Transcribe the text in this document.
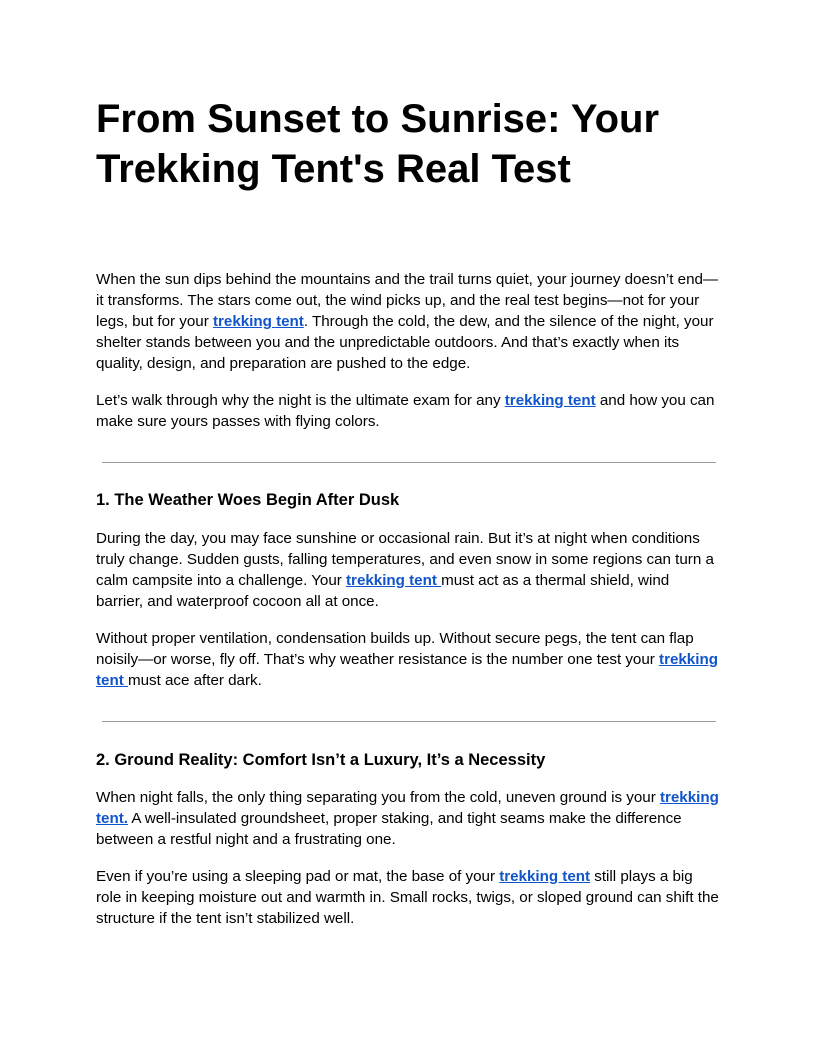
From Sunset to Sunrise: Your Trekking Tent's Real Test

When the sun dips behind the mountains and the trail turns quiet, your journey doesn’t end—it transforms. The stars come out, the wind picks up, and the real test begins—not for your legs, but for your trekking tent. Through the cold, the dew, and the silence of the night, your shelter stands between you and the unpredictable outdoors. And that’s exactly when its quality, design, and preparation are pushed to the edge.

Let’s walk through why the night is the ultimate exam for any trekking tent and how you can make sure yours passes with flying colors.

1. The Weather Woes Begin After Dusk

During the day, you may face sunshine or occasional rain. But it’s at night when conditions truly change. Sudden gusts, falling temperatures, and even snow in some regions can turn a calm campsite into a challenge. Your trekking tent must act as a thermal shield, wind barrier, and waterproof cocoon all at once.

Without proper ventilation, condensation builds up. Without secure pegs, the tent can flap noisily—or worse, fly off. That’s why weather resistance is the number one test your trekking tent must ace after dark.

2. Ground Reality: Comfort Isn’t a Luxury, It’s a Necessity

When night falls, the only thing separating you from the cold, uneven ground is your trekking tent. A well-insulated groundsheet, proper staking, and tight seams make the difference between a restful night and a frustrating one.

Even if you’re using a sleeping pad or mat, the base of your trekking tent still plays a big role in keeping moisture out and warmth in. Small rocks, twigs, or sloped ground can shift the structure if the tent isn’t stabilized well.
